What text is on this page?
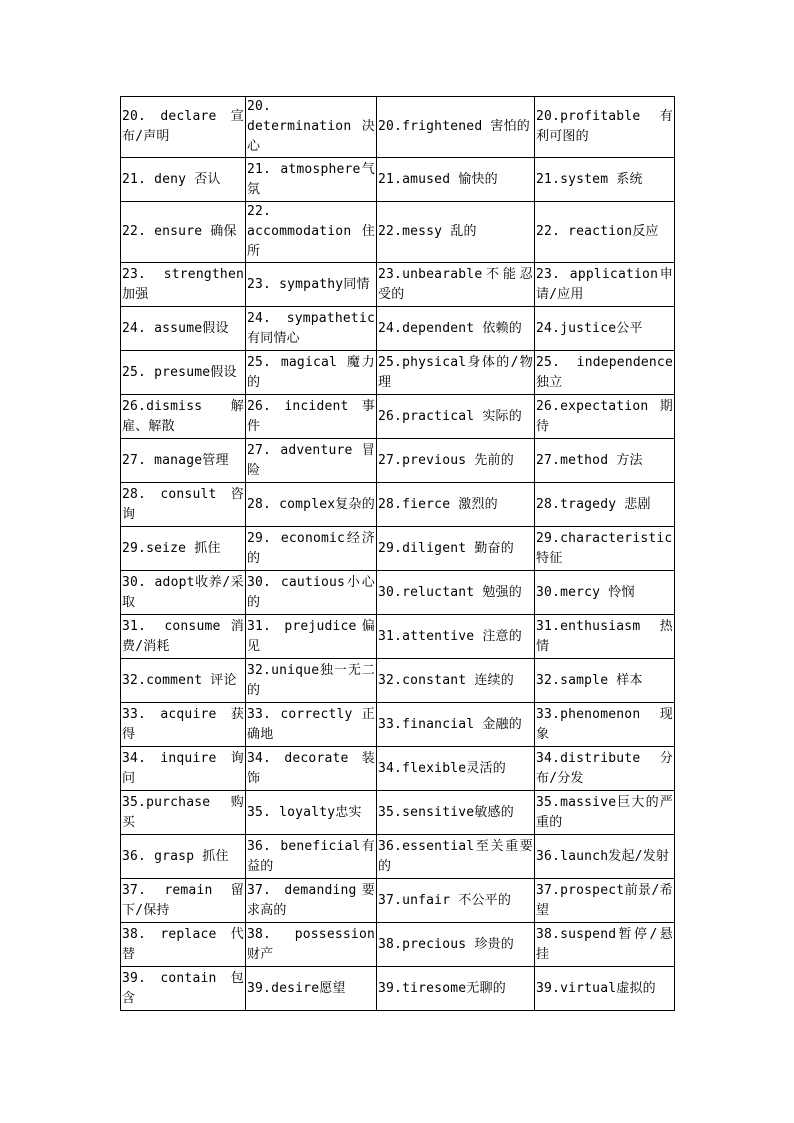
20. declare 宣布/声明	20. determination 决心	20.frightened 害怕的	20.profitable 有利可图的
21. deny 否认	21. atmosphere气氛	21.amused 愉快的	21.system 系统
22. ensure 确保	22. accommodation住所	22.messy 乱的	22. reaction反应
23. strengthen 加强	23. sympathy同情	23.unbearable不能忍受的	23. application申请/应用
24. assume假设	24. sympathetic 有同情心	24.dependent 依赖的	24.justice公平
25. presume假设	25. magical 魔力的	25.physical身体的/物理	25. independence 独立
26.dismiss 解雇、解散	26. incident 事件	26.practical 实际的	26.expectation期待
27. manage管理	27. adventure 冒险	27.previous 先前的	27.method 方法
28. consult 咨询	28. complex复杂的	28.fierce 激烈的	28.tragedy 悲剧
29.seize 抓住	29. economic经济的	29.diligent 勤奋的	29.characteristic 特征
30. adopt收养/采取	30. cautious小心的	30.reluctant 勉强的	30.mercy 怜悯
31. consume消费/消耗	31. prejudice偏见	31.attentive 注意的	31.enthusiasm 热情
32.comment 评论	32.unique独一无二的	32.constant 连续的	32.sample 样本
33. acquire 获得	33. correctly 正确地	33.financial 金融的	33.phenomenon 现象
34. inquire 询问	34. decorate 装饰	34.flexible灵活的	34.distribute 分布/分发
35.purchase 购买	35. loyalty忠实	35.sensitive敏感的	35.massive巨大的严重的
36. grasp 抓住	36. beneficial有益的	36.essential至关重要的	36.launch发起/发射
37. remain 留下/保持	37. demanding要求高的	37.unfair 不公平的	37.prospect前景/希望
38. replace 代替	38. possession 财产	38.precious 珍贵的	38.suspend暂停/悬挂
39. contain 包含	39.desire愿望	39.tiresome无聊的	39.virtual虚拟的
